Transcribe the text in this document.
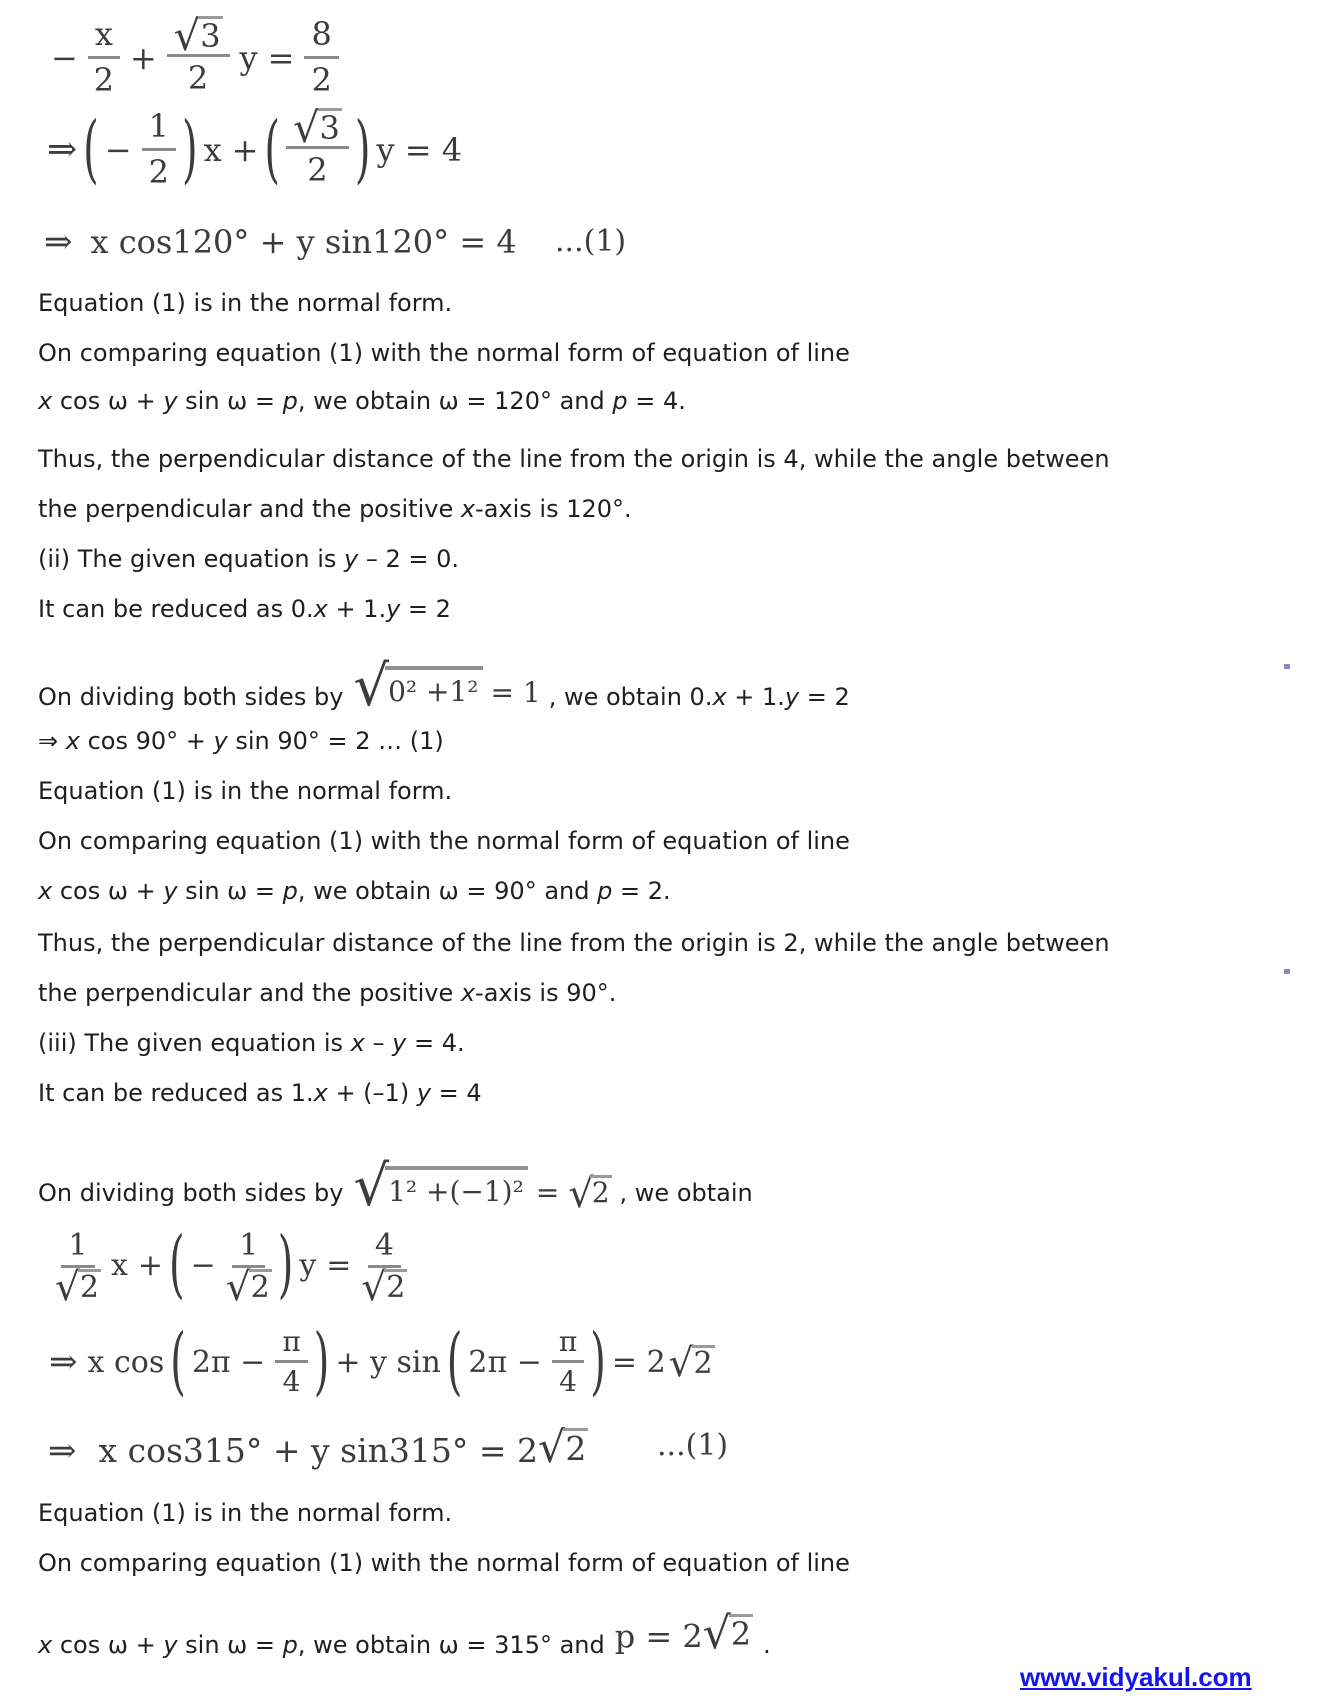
− $\frac{x}{2} + \frac{√ 3}{2}$ $y = \frac{8}{2}$
⇒ ( − $\frac{1}{2}$ ) x + ( $\frac{√ 3}{2}$ ) y = 4
⇒ x cos120° + y sin120° = 4 ...(1)
Equation (1) is in the normal form.
On comparing equation (1) with the normal form of equation of line
x cos ω + y sin ω = p, we obtain ω = 120° and p = 4.
Thus, the perpendicular distance of the line from the origin is 4, while the angle between
the perpendicular and the positive x-axis is 120°.
(ii) The given equation is y – 2 = 0.
It can be reduced as 0.x + 1.y = 2
On dividing both sides by √ 0² +1² = 1 , we obtain 0.x + 1.y = 2
⇒ x cos 90° + y sin 90° = 2 … (1)
Equation (1) is in the normal form.
On comparing equation (1) with the normal form of equation of line
x cos ω + y sin ω = p, we obtain ω = 90° and p = 2.
Thus, the perpendicular distance of the line from the origin is 2, while the angle between
the perpendicular and the positive x-axis is 90°.
(iii) The given equation is x – y = 4.
It can be reduced as 1.x + (–1) y = 4
On dividing both sides by √ 1² +(−1)² = √
2 , we obtain
$\frac{1}{√ 2}$ x + ( − $\frac{1}{√ 2}$ ) $y = \frac{4}{√ 2}$
⇒ x cos ( $2\pi - \frac{\pi}{4}$ ) + y sin ( $2\pi - \frac{\pi}{4}$ ) = 2 √ 2
⇒ x cos315° + y sin315° = 2 √ 2 ...(1)
Equation (1) is in the normal form.
On comparing equation (1) with the normal form of equation of line
x cos ω + y sin ω = p, we obtain ω = 315° and p = 2 √ 2 .
www.vidyakul.com
